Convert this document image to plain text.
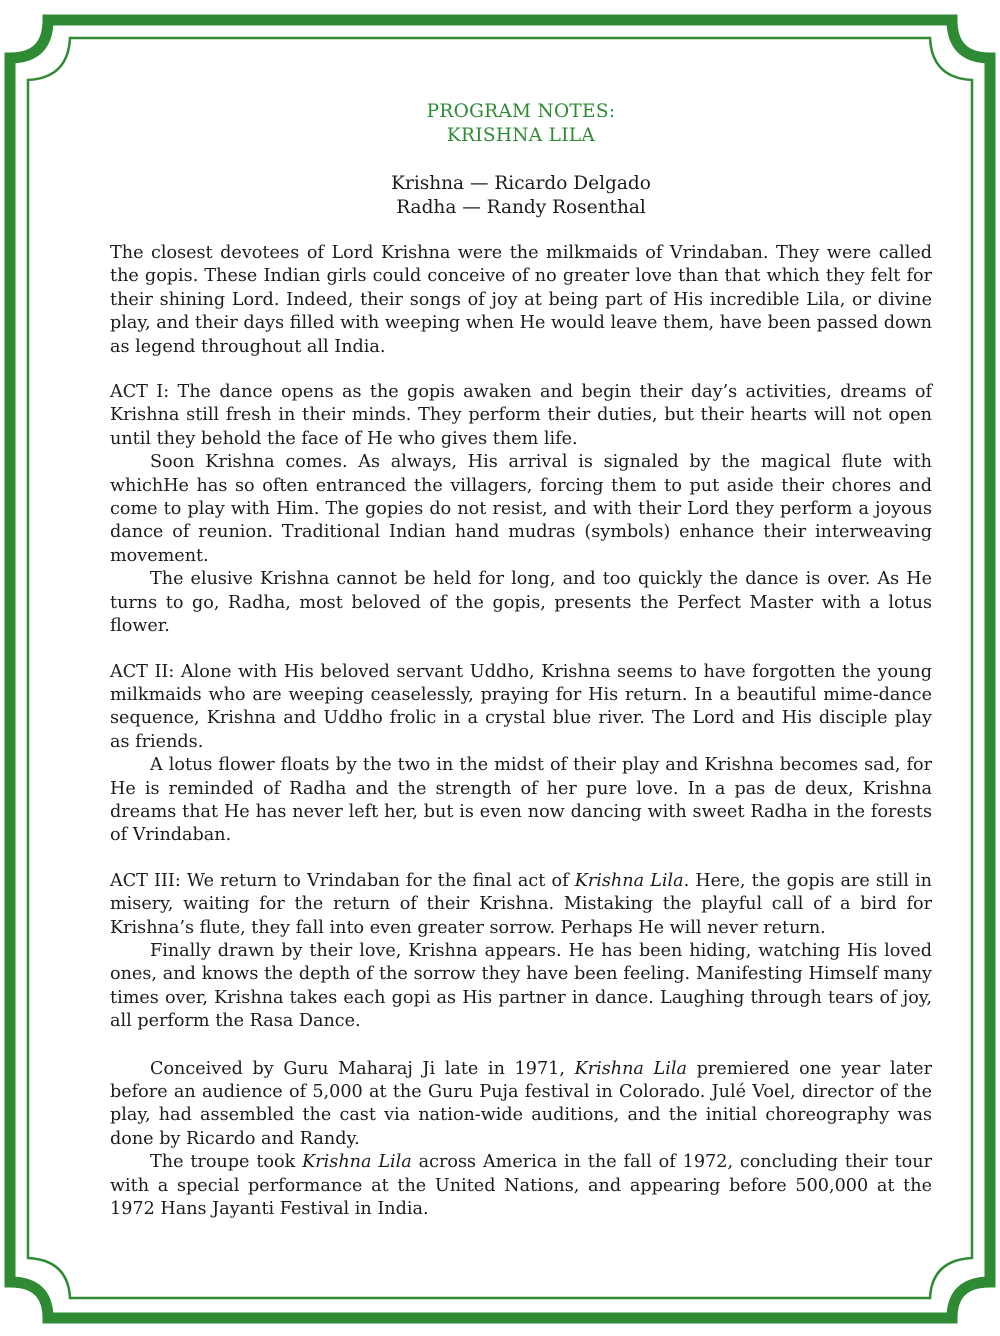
PROGRAM NOTES:
KRISHNA LILA
Krishna — Ricardo Delgado
Radha — Randy Rosenthal

The closest devotees of Lord Krishna were the milkmaids of Vrindaban. They were called the gopis. These Indian girls could conceive of no greater love than that which they felt for their shining Lord. Indeed, their songs of joy at being part of His incredible Lila, or divine play, and their days filled with weeping when He would leave them, have been passed down as legend throughout all India.

ACT I: The dance opens as the gopis awaken and begin their day’s activities, dreams of Krishna still fresh in their minds. They perform their duties, but their hearts will not open until they behold the face of He who gives them life.

Soon Krishna comes. As always, His arrival is signaled by the magical flute with whichHe has so often entranced the villagers, forcing them to put aside their chores and come to play with Him. The gopies do not resist, and with their Lord they perform a joyous dance of reunion. Traditional Indian hand mudras (symbols) enhance their interweaving movement.

The elusive Krishna cannot be held for long, and too quickly the dance is over. As He turns to go, Radha, most beloved of the gopis, presents the Perfect Master with a lotus flower.

ACT II: Alone with His beloved servant Uddho, Krishna seems to have forgotten the young milkmaids who are weeping ceaselessly, praying for His return. In a beautiful mime-dance sequence, Krishna and Uddho frolic in a crystal blue river. The Lord and His disciple play as friends.

A lotus flower floats by the two in the midst of their play and Krishna becomes sad, for He is reminded of Radha and the strength of her pure love. In a pas de deux, Krishna dreams that He has never left her, but is even now dancing with sweet Radha in the forests of Vrindaban.

ACT III: We return to Vrindaban for the final act of Krishna Lila. Here, the gopis are still in misery, waiting for the return of their Krishna. Mistaking the playful call of a bird for Krishna’s flute, they fall into even greater sorrow. Perhaps He will never return.

Finally drawn by their love, Krishna appears. He has been hiding, watching His loved ones, and knows the depth of the sorrow they have been feeling. Manifesting Himself many times over, Krishna takes each gopi as His partner in dance. Laughing through tears of joy, all perform the Rasa Dance.

Conceived by Guru Maharaj Ji late in 1971, Krishna Lila premiered one year later before an audience of 5,000 at the Guru Puja festival in Colorado. Julé Voel, director of the play, had assembled the cast via nation-wide auditions, and the initial choreography was done by Ricardo and Randy.

The troupe took Krishna Lila across America in the fall of 1972, concluding their tour with a special performance at the United Nations, and appearing before 500,000 at the 1972 Hans Jayanti Festival in India.
